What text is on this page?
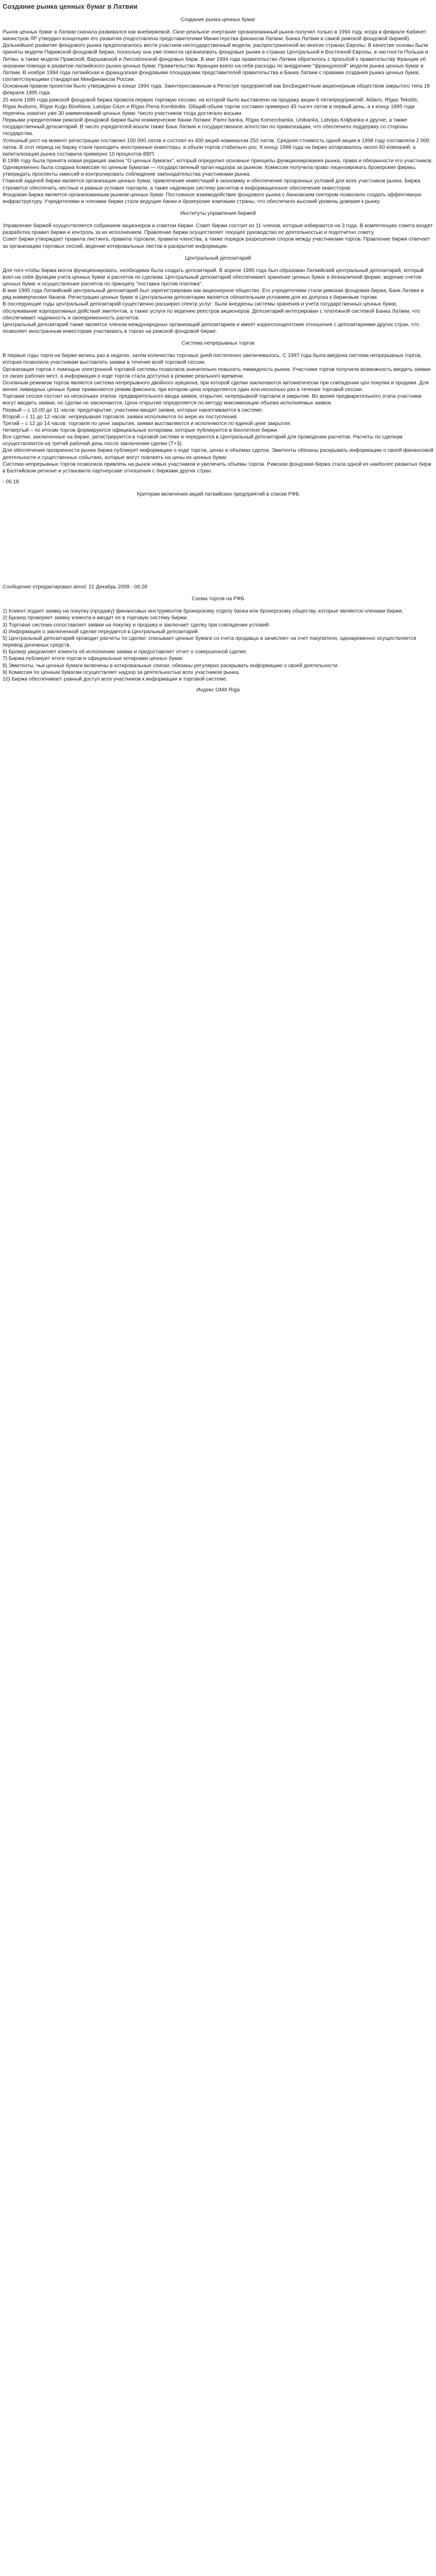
Создание рынка ценных бумаг в Латвии
Создание рынка ценных бумаг

Рынок ценных бумаг в Латвии сначала развивался как внебиржевой. Свое реальное очертание организованный рынок получил только в 1994 году, когда в феврале Кабинет министров ЛР утвердил концепцию его развития (подготовлена представителями Министерства финансов Латвии, Банка Латвии и самой рижской фондовой биржей). Дальнейшее развитие фондового рынка предполагалось вести участием негосударственный модели, распространенной во многих странах Европы. В качестве основы были приняты модели Парижской фондовой биржи, поскольку она уже помогла организовать фондовые рынки в странах Центральной и Восточной Европы, в частности Польши и Литвы, а также модели Пражской, Варшавской и Лиссабонской фондовых бирж. В мае 1994 года правительство Латвии обратилось с просьбой к правительству Франции об оказании помощи в развитии латвийского рынка ценных бумаг. Правительство Франции взяло на себя расходы по внедрению "французской" модели рынка ценных бумаг в Латвии. В ноябре 1994 года латвийская и французская фондовыми площадками представителей правительства и Банка Латвии с правами создания рынка ценных бумаг, соответствующими стандартам Минфинансов России.

Основным правом проектом было утверждено в конце 1994 года. Заинтересованным в Регистре предприятий как БесБюджетным акционерным обществом закрытого типа 18 февраля 1995 года.

25 июля 1995 года рижской фондовой биржа провела первую торговую сессию, на которой было выставлено на продажу акции 6 пятипредприятий: Aldaris, Rīgas Tekstils, Rīgas Audums, Rīgas Kuģu Būvētava, Latvijas Gāze и Rīgas Piena Kombināts. Общий объем торгов составил примерно 45 тысяч латов в первый день, а к концу 1995 года перечень охватил уже 30 наименований ценных бумаг. Число участников тогда достигало восьми.

Первыми учредителями рижской фондовой биржи были коммерческие банки Латвии: Parex banka, Rīgas Komercbanka, Unibanka, Latvijas Krājbanka и другие, а также государственный депозитарий. В число учредителей вошли также Банк Латвии и государственное агентство по приватизации, что обеспечило поддержку со стороны государства.

Успешный рост на момент регистрации составлял 100 000 латов и состоял из 400 акций номиналом 250 латов. Средняя стоимость одной акции в 1998 году составляла 2 000 латов. В этот период на биржу стали приходить иностранные инвесторы, а объем торгов стабильно рос. К концу 1998 года на бирже котировалось около 60 компаний, а капитализация рынка составила примерно 10 процентов ВВП.

В 1996 году была принята новая редакция закона "О ценных бумагах", который определил основные принципы функционирования рынка, права и обязанности его участников. Одновременно была создана Комиссия по ценным бумагам — государственный орган надзора за рынком. Комиссия получила право лицензировать брокерские фирмы, утверждать проспекты эмиссий и контролировать соблюдение законодательства участниками рынка.

Главной задачей биржи является организация ценных бумаг, привлечение инвестиций в экономику и обеспечение прозрачных условий для всех участников рынка. Биржа стремится обеспечить честные и равные условия торговли, а также надежную систему расчетов и информационное обеспечение инвесторов.

Фондовая биржа является организованным рынком ценных бумаг. Постоянное взаимодействие фондового рынка с банковским сектором позволило создать эффективную инфраструктуру. Учредителями и членами биржи стали ведущие банки и брокерские компании страны, что обеспечило высокий уровень доверия к рынку.

Институты управления биржей

Управление биржей осуществляется собранием акционеров и советом биржи. Совет биржи состоит из 11 членов, которые избираются на 3 года. В компетенцию совета входят разработка правил биржи и контроль за их исполнением. Правление биржи осуществляет текущее руководство ее деятельностью и подотчетно совету.

Совет биржи утверждает правила листинга, правила торговли, правила членства, а также порядок разрешения споров между участниками торгов. Правление биржи отвечает за организацию торговых сессий, ведение котировальных листов и раскрытие информации.

Центральный депозитарий

Для того чтобы биржа могла функционировать, необходима была создать депозитарий. В апреле 1995 года был образован Латвийский центральный депозитарий, который взял на себя функции учета ценных бумаг и расчетов по сделкам. Центральный депозитарий обеспечивает хранение ценных бумаг в безналичной форме, ведение счетов ценных бумаг и осуществление расчетов по принципу "поставка против платежа".

В мае 1995 года Латвийский центральный депозитарий был зарегистрирован как акционерное общество. Его учредителями стали рижская фондовая биржа, Банк Латвии и ряд коммерческих банков. Регистрация ценных бумаг в Центральном депозитарии является обязательным условием для их допуска к биржевым торгам.

В последующие годы центральный депозитарий существенно расширил спектр услуг: были внедрены системы хранения и учета государственных ценных бумаг, обслуживание корпоративных действий эмитентов, а также услуги по ведению реестров акционеров. Депозитарий интегрирован с платежной системой Банка Латвии, что обеспечивает надежность и своевременность расчетов.

Центральный депозитарий также является членом международных организаций депозитариев и имеет корреспондентские отношения с депозитариями других стран, что позволяет иностранным инвесторам участвовать в торгах на рижской фондовой бирже.

Система непрерывных торгов

В первые годы торги на бирже велись раз в неделю, затем количество торговых дней постепенно увеличивалось. С 1997 года была введена система непрерывных торгов, которая позволила участникам выставлять заявки в течение всей торговой сессии.

Организация торгов с помощью электронной торговой системы позволила значительно повысить ликвидность рынка. Участники торгов получили возможность вводить заявки со своих рабочих мест, а информация о ходе торгов стала доступна в режиме реального времени.

Основным режимом торгов является система непрерывного двойного аукциона, при которой сделки заключаются автоматически при совпадении цен покупки и продажи. Для менее ликвидных ценных бумаг применяется режим фиксинга, при котором цена определяется один или несколько раз в течение торговой сессии.

Торговая сессия состоит из нескольких этапов: предварительного ввода заявок, открытия, непрерывной торговли и закрытия. Во время предварительного этапа участники могут вводить заявки, но сделки не заключаются. Цена открытия определяется по методу максимизации объема исполняемых заявок.

Первый – с 10.00 до 11 часов: предоткрытие, участники вводят заявки, которые накапливаются в системе.

Второй – с 11 до 12 часов: непрерывная торговля, заявки исполняются по мере их поступления.

Третий – с 12 до 14 часов: торговля по цене закрытия, заявки выставляются и исполняются по единой цене закрытия.

Четвертый – по итогам торгов формируются официальные котировки, которые публикуются в бюллетене биржи.

Все сделки, заключенные на бирже, регистрируются в торговой системе и передаются в Центральный депозитарий для проведения расчетов. Расчеты по сделкам осуществляются на третий рабочий день после заключения сделки (T+3).

Для обеспечения прозрачности рынка биржа публикует информацию о ходе торгов, ценах и объемах сделок. Эмитенты обязаны раскрывать информацию о своей финансовой деятельности и существенных событиях, которые могут повлиять на цены их ценных бумаг.

Система непрерывных торгов позволила привлечь на рынок новых участников и увеличить объемы торгов. Рижская фондовая биржа стала одной из наиболее развитых бирж в Балтийском регионе и установила партнерские отношения с биржами других стран.

- 06:18
Критерии включения акций латвийских предприятий в списки РФБ
Сообщение отредактировал aimol: 21 Декабрь 2009 - 06:28
Схема торгов на РФБ
1) Клиент подает заявку на покупку (продажу) финансовых инструментов брокерскому отделу банка или брокерскому обществу, которые являются членами биржи.
2) Брокер проверяет заявку клиента и вводит ее в торговую систему биржи.
3) Торговая система сопоставляет заявки на покупку и продажу и заключает сделку при совпадении условий.
4) Информация о заключенной сделке передается в Центральный депозитарий.
5) Центральный депозитарий проводит расчеты по сделке: списывает ценные бумаги со счета продавца и зачисляет на счет покупателя, одновременно осуществляется перевод денежных средств.
6) Брокер уведомляет клиента об исполнении заявки и предоставляет отчет о совершенной сделке.
7) Биржа публикует итоги торгов и официальные котировки ценных бумаг.
8) Эмитенты, чьи ценные бумаги включены в котировальные списки, обязаны регулярно раскрывать информацию о своей деятельности.
9) Комиссия по ценным бумагам осуществляет надзор за деятельностью всех участников рынка.
10) Биржа обеспечивает равный доступ всех участников к информации и торговой системе.
Индекс OMX Riga
